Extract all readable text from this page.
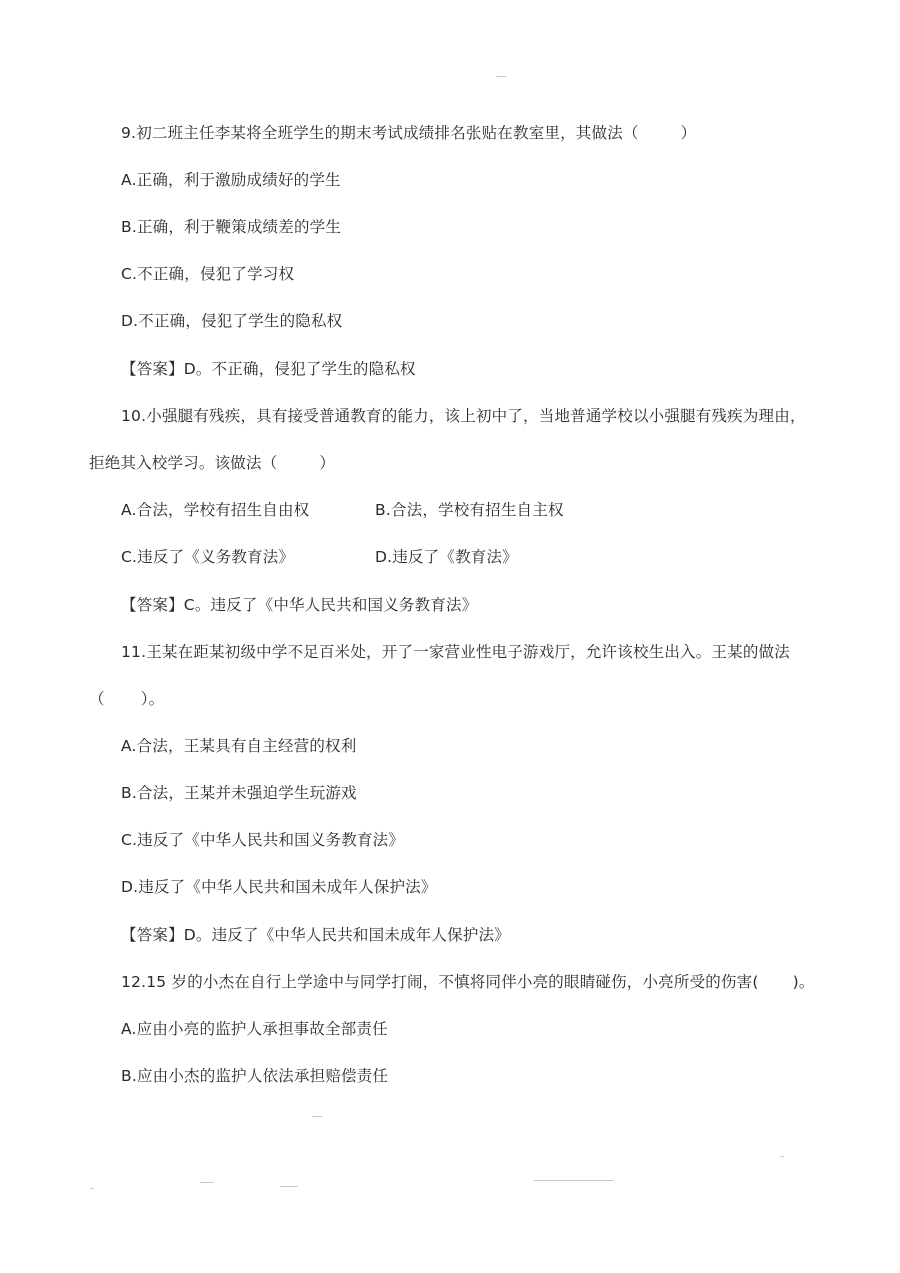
9.初二班主任李某将全班学生的期末考试成绩排名张贴在教室里，其做法（	）
A.正确，利于激励成绩好的学生
B.正确，利于鞭策成绩差的学生
C.不正确，侵犯了学习权
D.不正确，侵犯了学生的隐私权
【答案】D。不正确，侵犯了学生的隐私权
10.小强腿有残疾，具有接受普通教育的能力，该上初中了，当地普通学校以小强腿有残疾为理由，
拒绝其入校学习。该做法（	）
A.合法，学校有招生自由权	B.合法，学校有招生自主权
C.违反了《义务教育法》	D.违反了《教育法》
【答案】C。违反了《中华人民共和国义务教育法》
11.王某在距某初级中学不足百米处，开了一家营业性电子游戏厅，允许该校生出入。王某的做法
（ ）。
A.合法，王某具有自主经营的权利
B.合法，王某并未强迫学生玩游戏
C.违反了《中华人民共和国义务教育法》
D.违反了《中华人民共和国未成年人保护法》
【答案】D。违反了《中华人民共和国未成年人保护法》
12.15 岁的小杰在自行上学途中与同学打闹，不慎将同伴小亮的眼睛碰伤，小亮所受的伤害( )。
A.应由小亮的监护人承担事故全部责任
B.应由小杰的监护人依法承担赔偿责任
